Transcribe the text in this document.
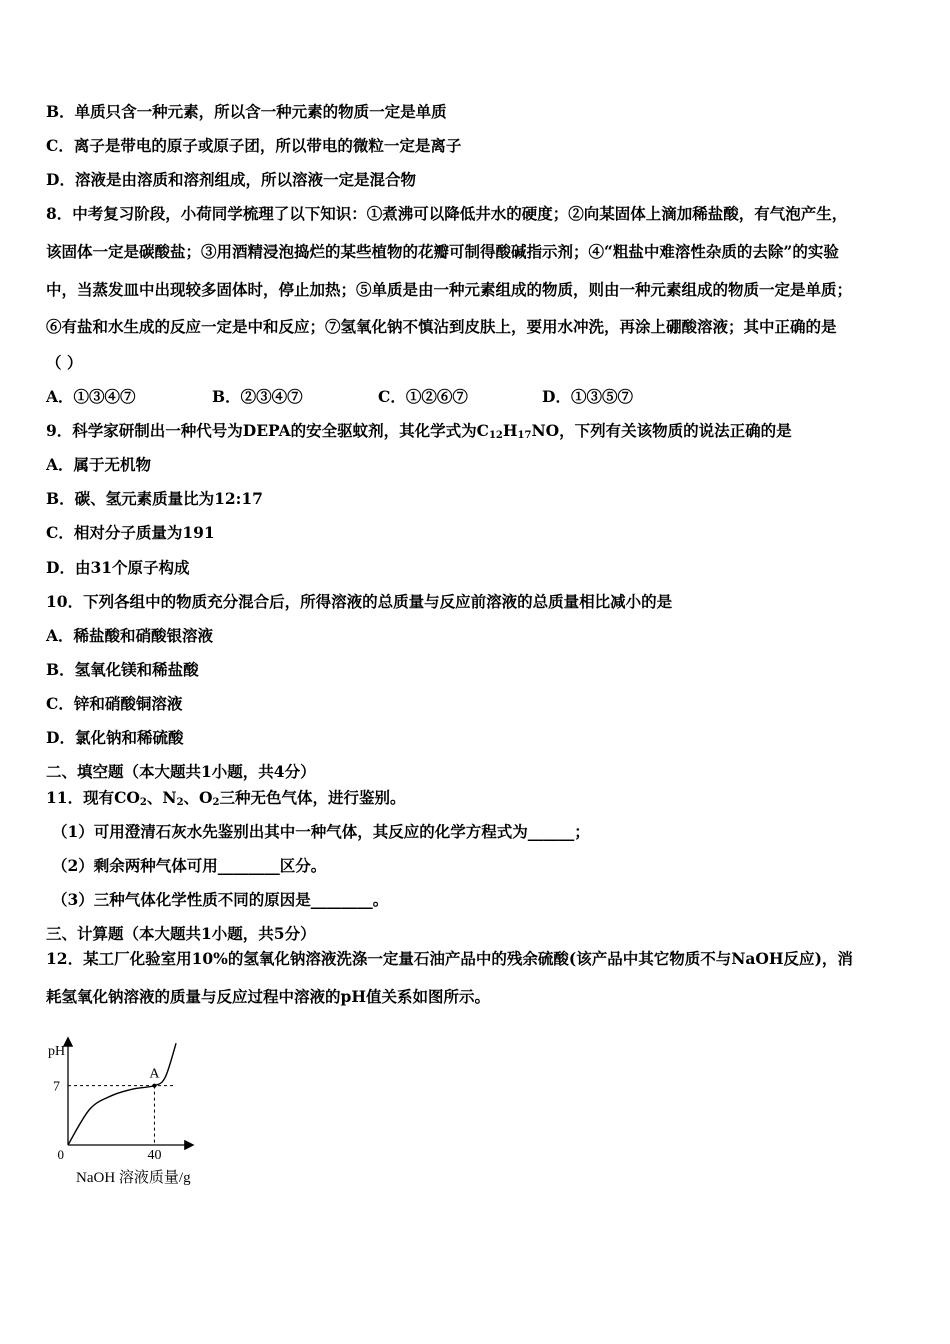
B．单质只含一种元素，所以含一种元素的物质一定是单质
C．离子是带电的原子或原子团，所以带电的微粒一定是离子
D．溶液是由溶质和溶剂组成，所以溶液一定是混合物
8．中考复习阶段，小荷同学梳理了以下知识：①煮沸可以降低井水的硬度；②向某固体上滴加稀盐酸，有气泡产生，
该固体一定是碳酸盐；③用酒精浸泡捣烂的某些植物的花瓣可制得酸碱指示剂；④“粗盐中难溶性杂质的去除”的实验
中，当蒸发皿中出现较多固体时，停止加热；⑤单质是由一种元素组成的物质，则由一种元素组成的物质一定是单质；
⑥有盐和水生成的反应一定是中和反应；⑦氢氧化钠不慎沾到皮肤上，要用水冲洗，再涂上硼酸溶液；其中正确的是
（ ）
A．①③④⑦	B．②③④⑦	C．①②⑥⑦	D．①③⑤⑦
9．科学家研制出一种代号为DEPA的安全驱蚊剂，其化学式为$C_{12}H_{17}NO$，下列有关该物质的说法正确的是
A．属于无机物
B．碳、氢元素质量比为12:17
C．相对分子质量为191
D．由31个原子构成
10．下列各组中的物质充分混合后，所得溶液的总质量与反应前溶液的总质量相比减小的是
A．稀盐酸和硝酸银溶液
B．氢氧化镁和稀盐酸
C．锌和硝酸铜溶液
D．氯化钠和稀硫酸
二、填空题（本大题共1小题，共4分）
11．现有$CO_2$、$N_2$、$O_2$三种无色气体，进行鉴别。
（1）可用澄清石灰水先鉴别出其中一种气体，其反应的化学方程式为______；
（2）剩余两种气体可用________区分。
（3）三种气体化学性质不同的原因是________。
三、计算题（本大题共1小题，共5分）
12．某工厂化验室用10%的氢氧化钠溶液洗涤一定量石油产品中的残余硫酸(该产品中其它物质不与NaOH反应)，消
耗氢氧化钠溶液的质量与反应过程中溶液的pH值关系如图所示。
pH
7
0	40
A
NaOH 溶液质量/g
